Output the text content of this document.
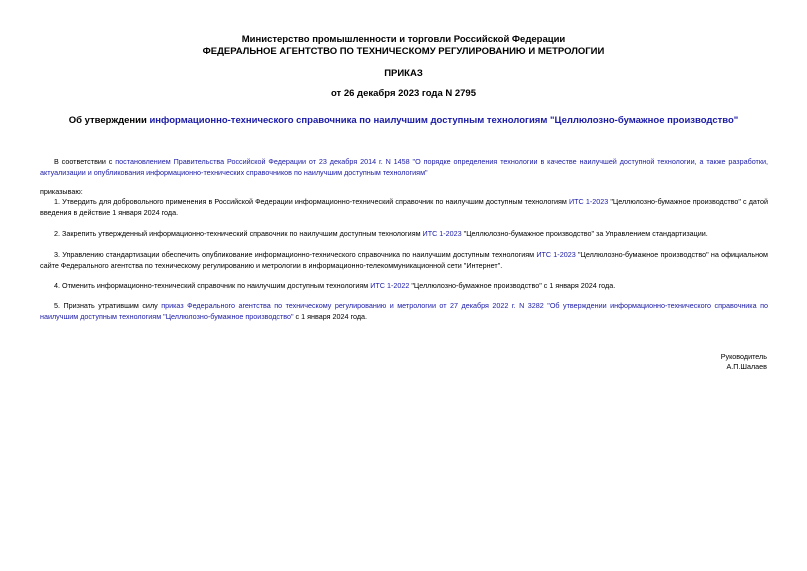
Министерство промышленности и торговли Российской Федерации
ФЕДЕРАЛЬНОЕ АГЕНТСТВО ПО ТЕХНИЧЕСКОМУ РЕГУЛИРОВАНИЮ И МЕТРОЛОГИИ
ПРИКАЗ
от 26 декабря 2023 года N 2795
Об утверждении информационно-технического справочника по наилучшим доступным технологиям "Целлюлозно-бумажное производство"
В соответствии с постановлением Правительства Российской Федерации от 23 декабря 2014 г. N 1458 "О порядке определения технологии в качестве наилучшей доступной технологии, а также разработки, актуализации и опубликования информационно-технических справочников по наилучшим доступным технологиям"
приказываю:
1. Утвердить для добровольного применения в Российской Федерации информационно-технический справочник по наилучшим доступным технологиям ИТС 1-2023 "Целлюлозно-бумажное производство" с датой введения в действие 1 января 2024 года.
2. Закрепить утвержденный информационно-технический справочник по наилучшим доступным технологиям ИТС 1-2023 "Целлюлозно-бумажное производство" за Управлением стандартизации.
3. Управлению стандартизации обеспечить опубликование информационно-технического справочника по наилучшим доступным технологиям ИТС 1-2023 "Целлюлозно-бумажное производство" на официальном сайте Федерального агентства по техническому регулированию и метрологии в информационно-телекоммуникационной сети "Интернет".
4. Отменить информационно-технический справочник по наилучшим доступным технологиям ИТС 1-2022 "Целлюлозно-бумажное производство" с 1 января 2024 года.
5. Признать утратившим силу приказ Федерального агентства по техническому регулированию и метрологии от 27 декабря 2022 г. N 3282 "Об утверждении информационно-технического справочника по наилучшим доступным технологиям "Целлюлозно-бумажное производство" с 1 января 2024 года.
Руководитель
А.П.Шалаев
